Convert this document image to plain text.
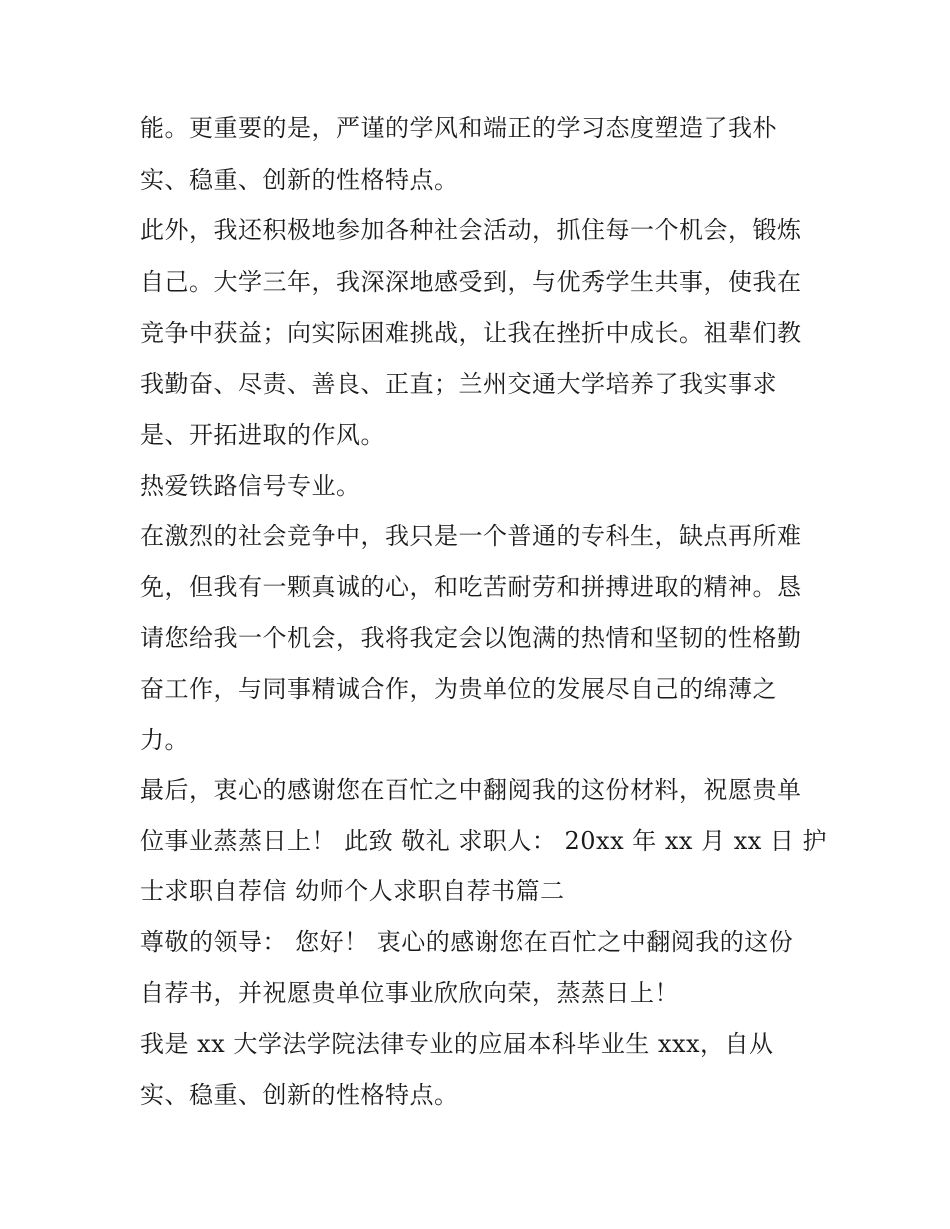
能。更重要的是，严谨的学风和端正的学习态度塑造了我朴
实、稳重、创新的性格特点。
此外，我还积极地参加各种社会活动，抓住每一个机会，锻炼
自己。大学三年，我深深地感受到，与优秀学生共事，使我在
竞争中获益；向实际困难挑战，让我在挫折中成长。祖辈们教
我勤奋、尽责、善良、正直；兰州交通大学培养了我实事求
是、开拓进取的作风。
热爱铁路信号专业。
在激烈的社会竞争中，我只是一个普通的专科生，缺点再所难
免，但我有一颗真诚的心，和吃苦耐劳和拼搏进取的精神。恳
请您给我一个机会，我将我定会以饱满的热情和坚韧的性格勤
奋工作，与同事精诚合作，为贵单位的发展尽自己的绵薄之
力。
最后，衷心的感谢您在百忙之中翻阅我的这份材料，祝愿贵单
位事业蒸蒸日上！ 此致 敬礼 求职人： 20xx 年 xx 月 xx 日 护
士求职自荐信 幼师个人求职自荐书篇二
尊敬的领导： 您好！ 衷心的感谢您在百忙之中翻阅我的这份
自荐书，并祝愿贵单位事业欣欣向荣，蒸蒸日上！
我是 xx 大学法学院法律专业的应届本科毕业生 xxx，自从
实、稳重、创新的性格特点。
